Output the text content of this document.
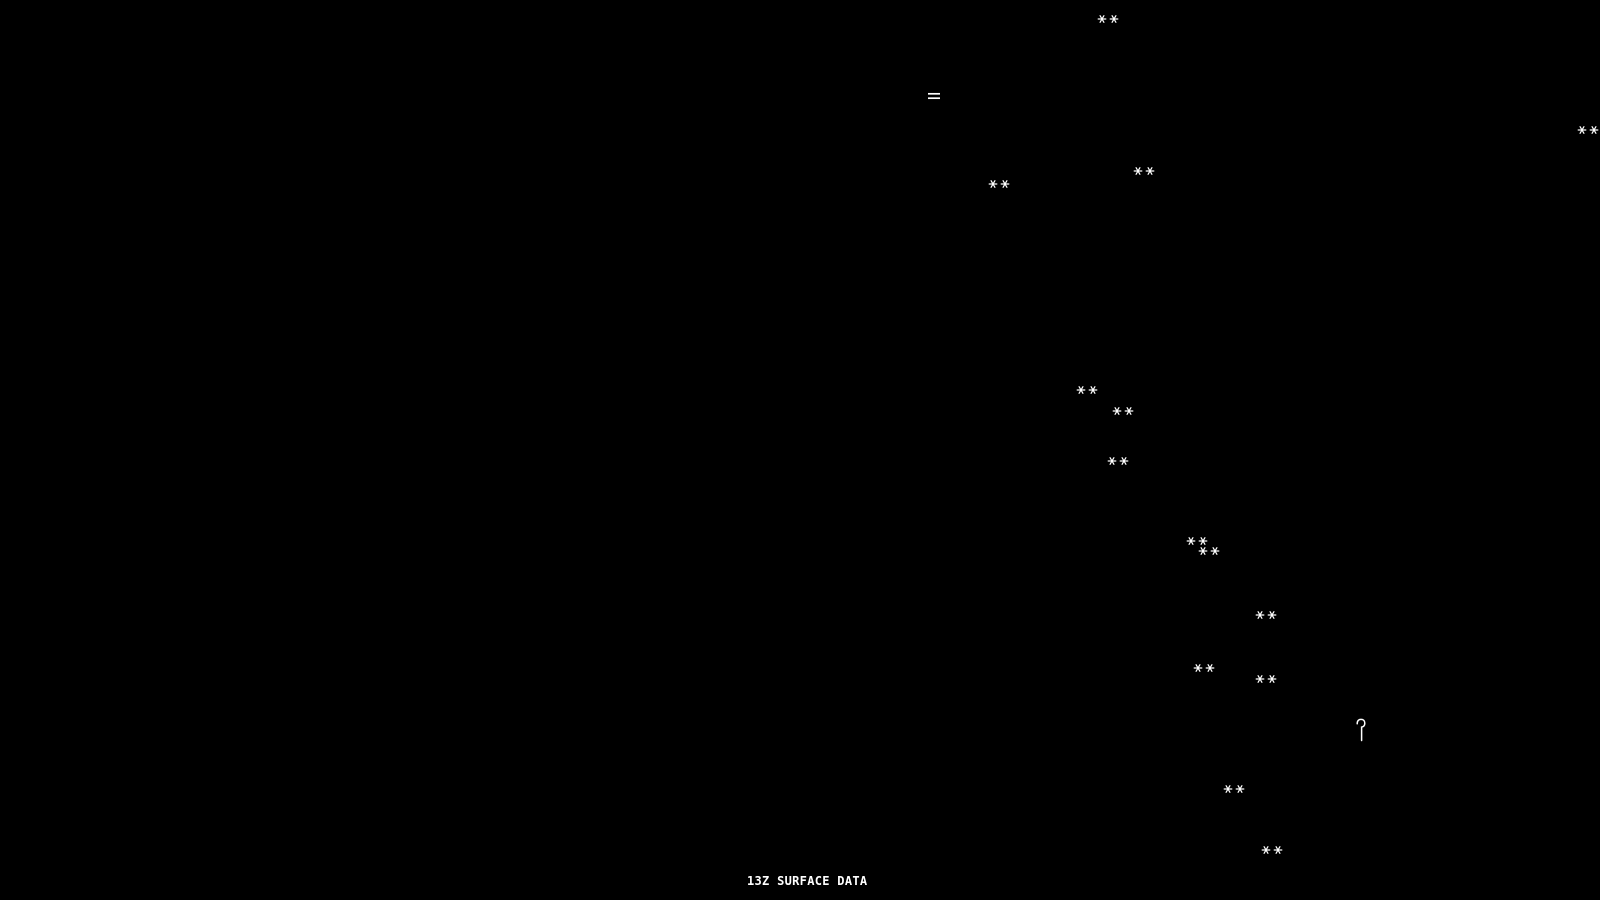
13Z SURFACE DATA
